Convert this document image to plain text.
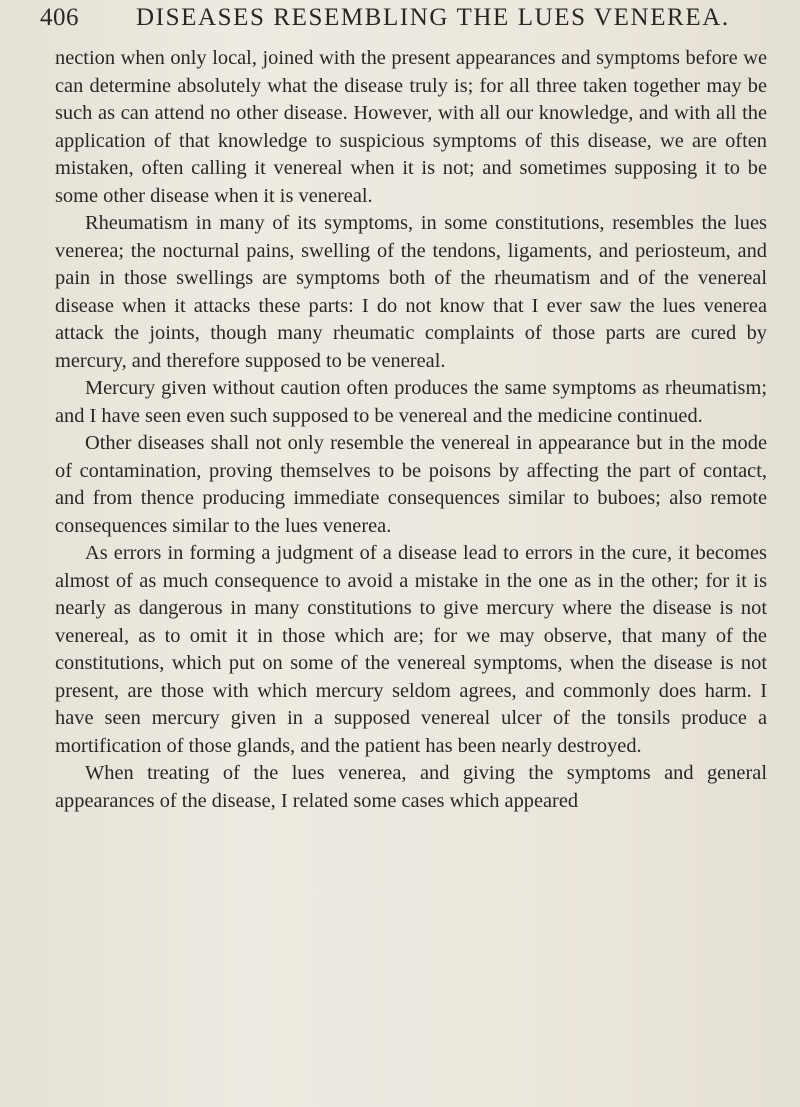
406 DISEASES RESEMBLING THE LUES VENEREA.

nection when only local, joined with the present appearances and symptoms before we can determine absolutely what the disease truly is; for all three taken together may be such as can attend no other disease. However, with all our knowledge, and with all the application of that knowledge to suspicious symptoms of this disease, we are often mistaken, often calling it venereal when it is not; and sometimes supposing it to be some other disease when it is venereal.

Rheumatism in many of its symptoms, in some constitutions, resembles the lues venerea; the nocturnal pains, swelling of the tendons, ligaments, and periosteum, and pain in those swellings are symptoms both of the rheumatism and of the venereal disease when it attacks these parts: I do not know that I ever saw the lues venerea attack the joints, though many rheumatic complaints of those parts are cured by mercury, and therefore supposed to be venereal.

Mercury given without caution often produces the same symptoms as rheumatism; and I have seen even such supposed to be venereal and the medicine continued.

Other diseases shall not only resemble the venereal in appearance but in the mode of contamination, proving themselves to be poisons by affecting the part of contact, and from thence producing immediate consequences similar to buboes; also remote consequences similar to the lues venerea.

As errors in forming a judgment of a disease lead to errors in the cure, it becomes almost of as much consequence to avoid a mistake in the one as in the other; for it is nearly as dangerous in many constitutions to give mercury where the disease is not venereal, as to omit it in those which are; for we may observe, that many of the constitutions, which put on some of the venereal symptoms, when the disease is not present, are those with which mercury seldom agrees, and commonly does harm. I have seen mercury given in a supposed venereal ulcer of the tonsils produce a mortification of those glands, and the patient has been nearly destroyed.

When treating of the lues venerea, and giving the symptoms and general appearances of the disease, I related some cases which appeared
